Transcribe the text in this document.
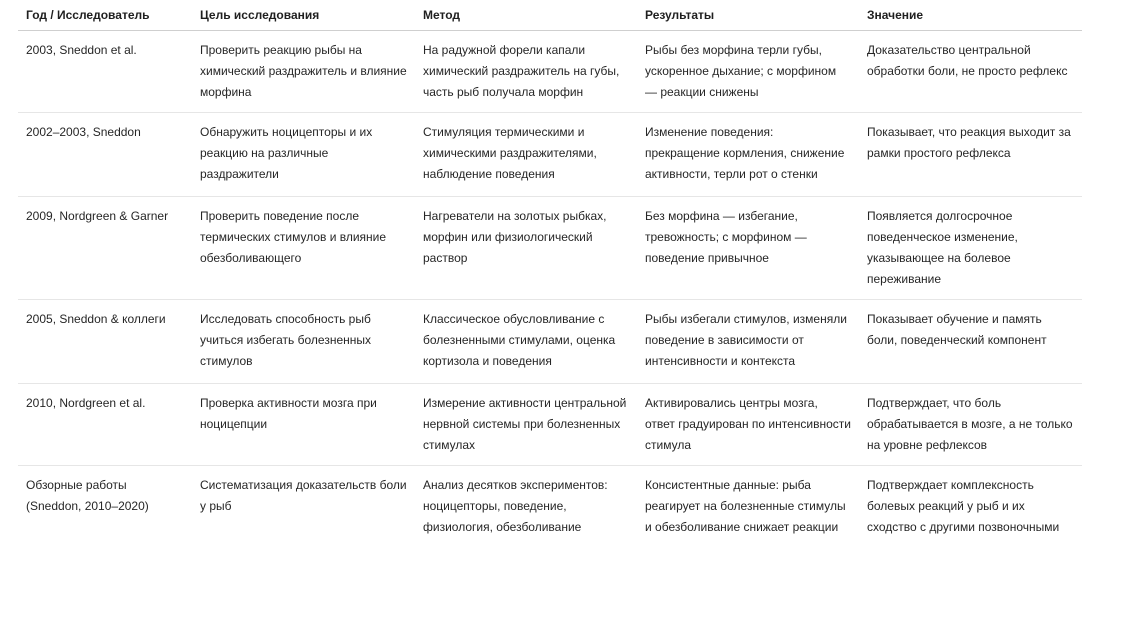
Год / Исследователь	Цель исследования	Метод	Результаты	Значение
2003, Sneddon et al.	Проверить реакцию рыбы на химический раздражитель и влияние морфина	На радужной форели капали химический раздражитель на губы, часть рыб получала морфин	Рыбы без морфина терли губы, ускоренное дыхание; с морфином — реакции снижены	Доказательство центральной обработки боли, не просто рефлекс
2002–2003, Sneddon	Обнаружить ноцицепторы и их реакцию на различные раздражители	Стимуляция термическими и химическими раздражителями, наблюдение поведения	Изменение поведения: прекращение кормления, снижение активности, терли рот о стенки	Показывает, что реакция выходит за рамки простого рефлекса
2009, Nordgreen & Garner	Проверить поведение после термических стимулов и влияние обезболивающего	Нагреватели на золотых рыбках, морфин или физиологический раствор	Без морфина — избегание, тревожность; с морфином — поведение привычное	Появляется долгосрочное поведенческое изменение, указывающее на болевое переживание
2005, Sneddon & коллеги	Исследовать способность рыб учиться избегать болезненных стимулов	Классическое обусловливание с болезненными стимулами, оценка кортизола и поведения	Рыбы избегали стимулов, изменяли поведение в зависимости от интенсивности и контекста	Показывает обучение и память боли, поведенческий компонент
2010, Nordgreen et al.	Проверка активности мозга при ноцицепции	Измерение активности центральной нервной системы при болезненных стимулах	Активировались центры мозга, ответ градуирован по интенсивности стимула	Подтверждает, что боль обрабатывается в мозге, а не только на уровне рефлексов
Обзорные работы (Sneddon, 2010–2020)	Систематизация доказательств боли у рыб	Анализ десятков экспериментов: ноцицепторы, поведение, физиология, обезболивание	Консистентные данные: рыба реагирует на болезненные стимулы и обезболивание снижает реакции	Подтверждает комплексность болевых реакций у рыб и их сходство с другими позвоночными
